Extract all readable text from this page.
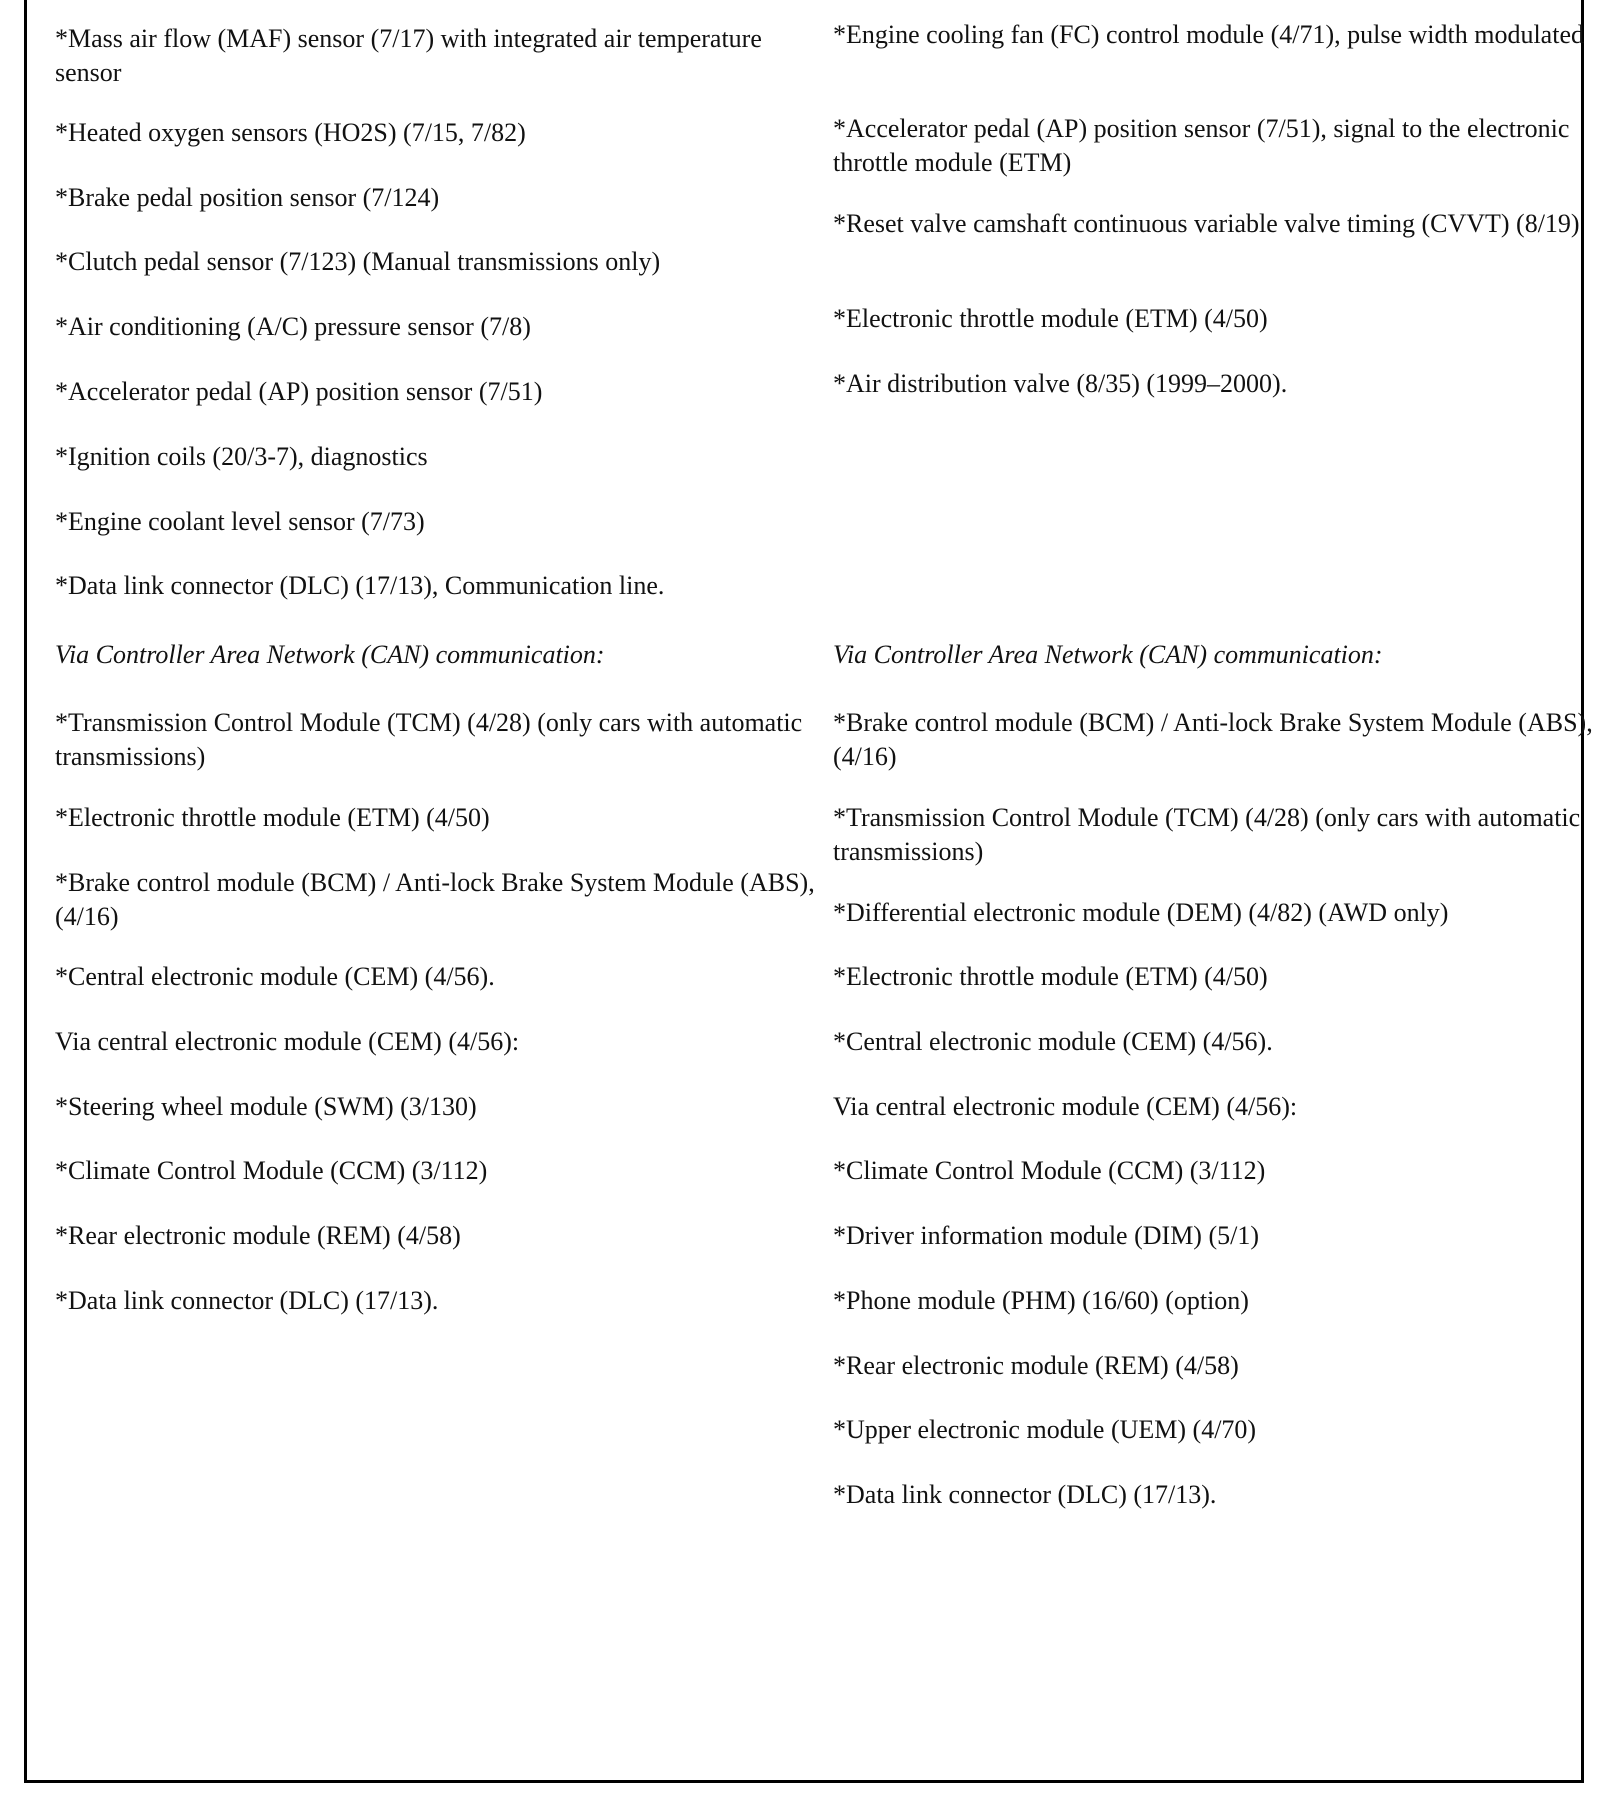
*Mass air flow (MAF) sensor (7/17) with integrated air temperature sensor

*Heated oxygen sensors (HO2S) (7/15, 7/82)

*Brake pedal position sensor (7/124)

*Clutch pedal sensor (7/123) (Manual transmissions only)

*Air conditioning (A/C) pressure sensor (7/8)

*Accelerator pedal (AP) position sensor (7/51)

*Ignition coils (20/3-7), diagnostics

*Engine coolant level sensor (7/73)

*Data link connector (DLC) (17/13), Communication line.

Via Controller Area Network (CAN) communication:

*Transmission Control Module (TCM) (4/28) (only cars with automatic transmissions)

*Electronic throttle module (ETM) (4/50)

*Brake control module (BCM) / Anti-lock Brake System Module (ABS), (4/16)

*Central electronic module (CEM) (4/56).

Via central electronic module (CEM) (4/56):

*Steering wheel module (SWM) (3/130)

*Climate Control Module (CCM) (3/112)

*Rear electronic module (REM) (4/58)

*Data link connector (DLC) (17/13).

*Engine cooling fan (FC) control module (4/71), pulse width modulated

*Accelerator pedal (AP) position sensor (7/51), signal to the electronic throttle module (ETM)

*Reset valve camshaft continuous variable valve timing (CVVT) (8/19)

*Electronic throttle module (ETM) (4/50)

*Air distribution valve (8/35) (1999–2000).

Via Controller Area Network (CAN) communication:

*Brake control module (BCM) / Anti-lock Brake System Module (ABS), (4/16)

*Transmission Control Module (TCM) (4/28) (only cars with automatic transmissions)

*Differential electronic module (DEM) (4/82) (AWD only)

*Electronic throttle module (ETM) (4/50)

*Central electronic module (CEM) (4/56).

Via central electronic module (CEM) (4/56):

*Climate Control Module (CCM) (3/112)

*Driver information module (DIM) (5/1)

*Phone module (PHM) (16/60) (option)

*Rear electronic module (REM) (4/58)

*Upper electronic module (UEM) (4/70)

*Data link connector (DLC) (17/13).
